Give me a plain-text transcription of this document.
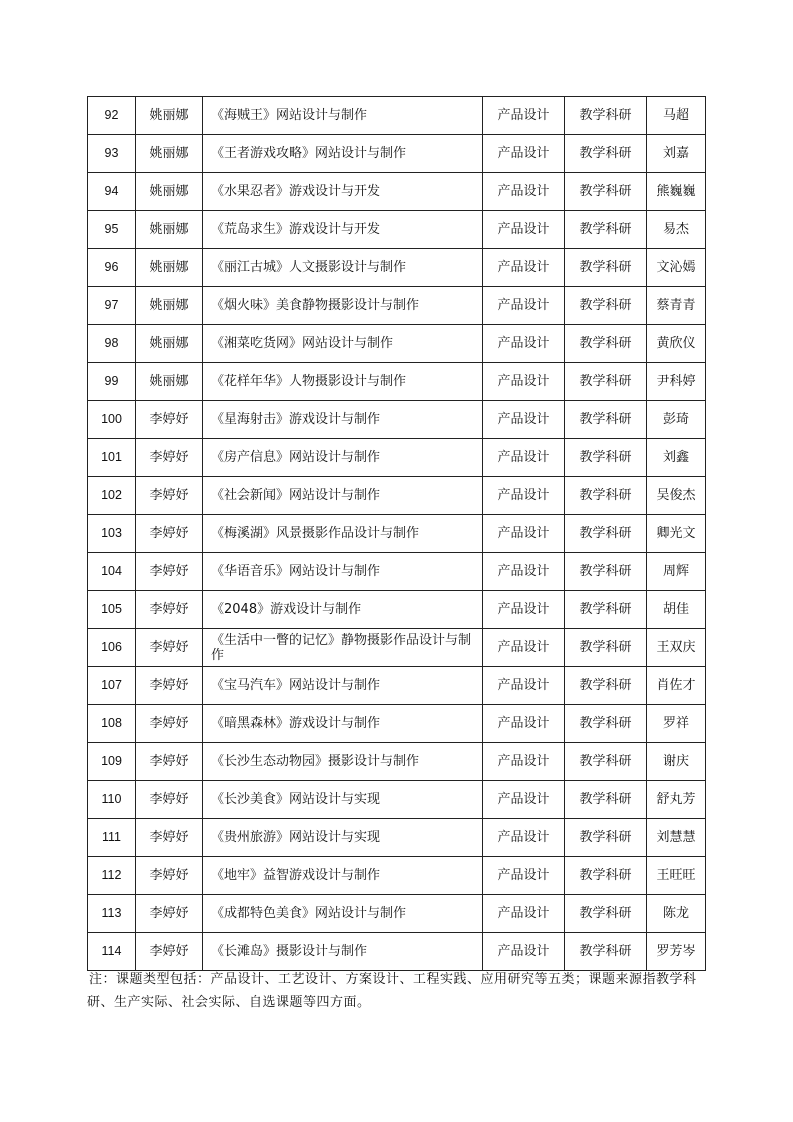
92	姚丽娜	《海贼王》网站设计与制作	产品设计	教学科研	马超
93	姚丽娜	《王者游戏攻略》网站设计与制作	产品设计	教学科研	刘嘉
94	姚丽娜	《水果忍者》游戏设计与开发	产品设计	教学科研	熊巍巍
95	姚丽娜	《荒岛求生》游戏设计与开发	产品设计	教学科研	易杰
96	姚丽娜	《丽江古城》人文摄影设计与制作	产品设计	教学科研	文沁嫣
97	姚丽娜	《烟火味》美食静物摄影设计与制作	产品设计	教学科研	蔡青青
98	姚丽娜	《湘菜吃货网》网站设计与制作	产品设计	教学科研	黄欣仪
99	姚丽娜	《花样年华》人物摄影设计与制作	产品设计	教学科研	尹科婷
100	李婷妤	《星海射击》游戏设计与制作	产品设计	教学科研	彭琦
101	李婷妤	《房产信息》网站设计与制作	产品设计	教学科研	刘鑫
102	李婷妤	《社会新闻》网站设计与制作	产品设计	教学科研	吴俊杰
103	李婷妤	《梅溪湖》风景摄影作品设计与制作	产品设计	教学科研	卿光文
104	李婷妤	《华语音乐》网站设计与制作	产品设计	教学科研	周辉
105	李婷妤	《2048》游戏设计与制作	产品设计	教学科研	胡佳
106	李婷妤	《生活中一瞥的记忆》静物摄影作品设计与制作	产品设计	教学科研	王双庆
107	李婷妤	《宝马汽车》网站设计与制作	产品设计	教学科研	肖佐才
108	李婷妤	《暗黑森林》游戏设计与制作	产品设计	教学科研	罗祥
109	李婷妤	《长沙生态动物园》摄影设计与制作	产品设计	教学科研	谢庆
110	李婷妤	《长沙美食》网站设计与实现	产品设计	教学科研	舒丸芳
111	李婷妤	《贵州旅游》网站设计与实现	产品设计	教学科研	刘慧慧
112	李婷妤	《地牢》益智游戏设计与制作	产品设计	教学科研	王旺旺
113	李婷妤	《成都特色美食》网站设计与制作	产品设计	教学科研	陈龙
114	李婷妤	《长滩岛》摄影设计与制作	产品设计	教学科研	罗芳岑
注：课题类型包括：产品设计、工艺设计、方案设计、工程实践、应用研究等五类；课题来源指教学科研、生产实际、社会实际、自选课题等四方面。
